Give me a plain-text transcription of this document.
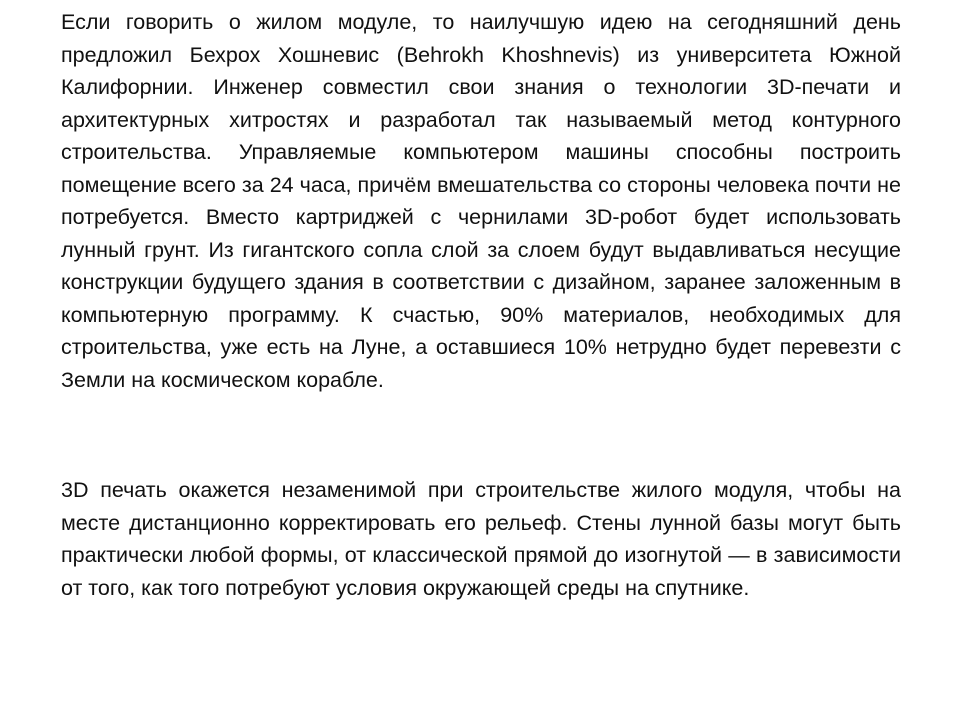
Если говорить о жилом модуле, то наилучшую идею на сегодняшний день предложил Бехрох Хошневис (Behrokh Khoshnevis) из университета Южной Калифорнии. Инженер совместил свои знания о технологии 3D-печати и архитектурных хитростях и разработал так называемый метод контурного строительства. Управляемые компьютером машины способны построить помещение всего за 24 часа, причём вмешательства со стороны человека почти не потребуется. Вместо картриджей с чернилами 3D-робот будет использовать лунный грунт. Из гигантского сопла слой за слоем будут выдавливаться несущие конструкции будущего здания в соответствии с дизайном, заранее заложенным в компьютерную программу. К счастью, 90% материалов, необходимых для строительства, уже есть на Луне, а оставшиеся 10% нетрудно будет перевезти с Земли на космическом корабле.

3D печать окажется незаменимой при строительстве жилого модуля, чтобы на месте дистанционно корректировать его рельеф. Стены лунной базы могут быть практически любой формы, от классической прямой до изогнутой — в зависимости от того, как того потребуют условия окружающей среды на спутнике.
